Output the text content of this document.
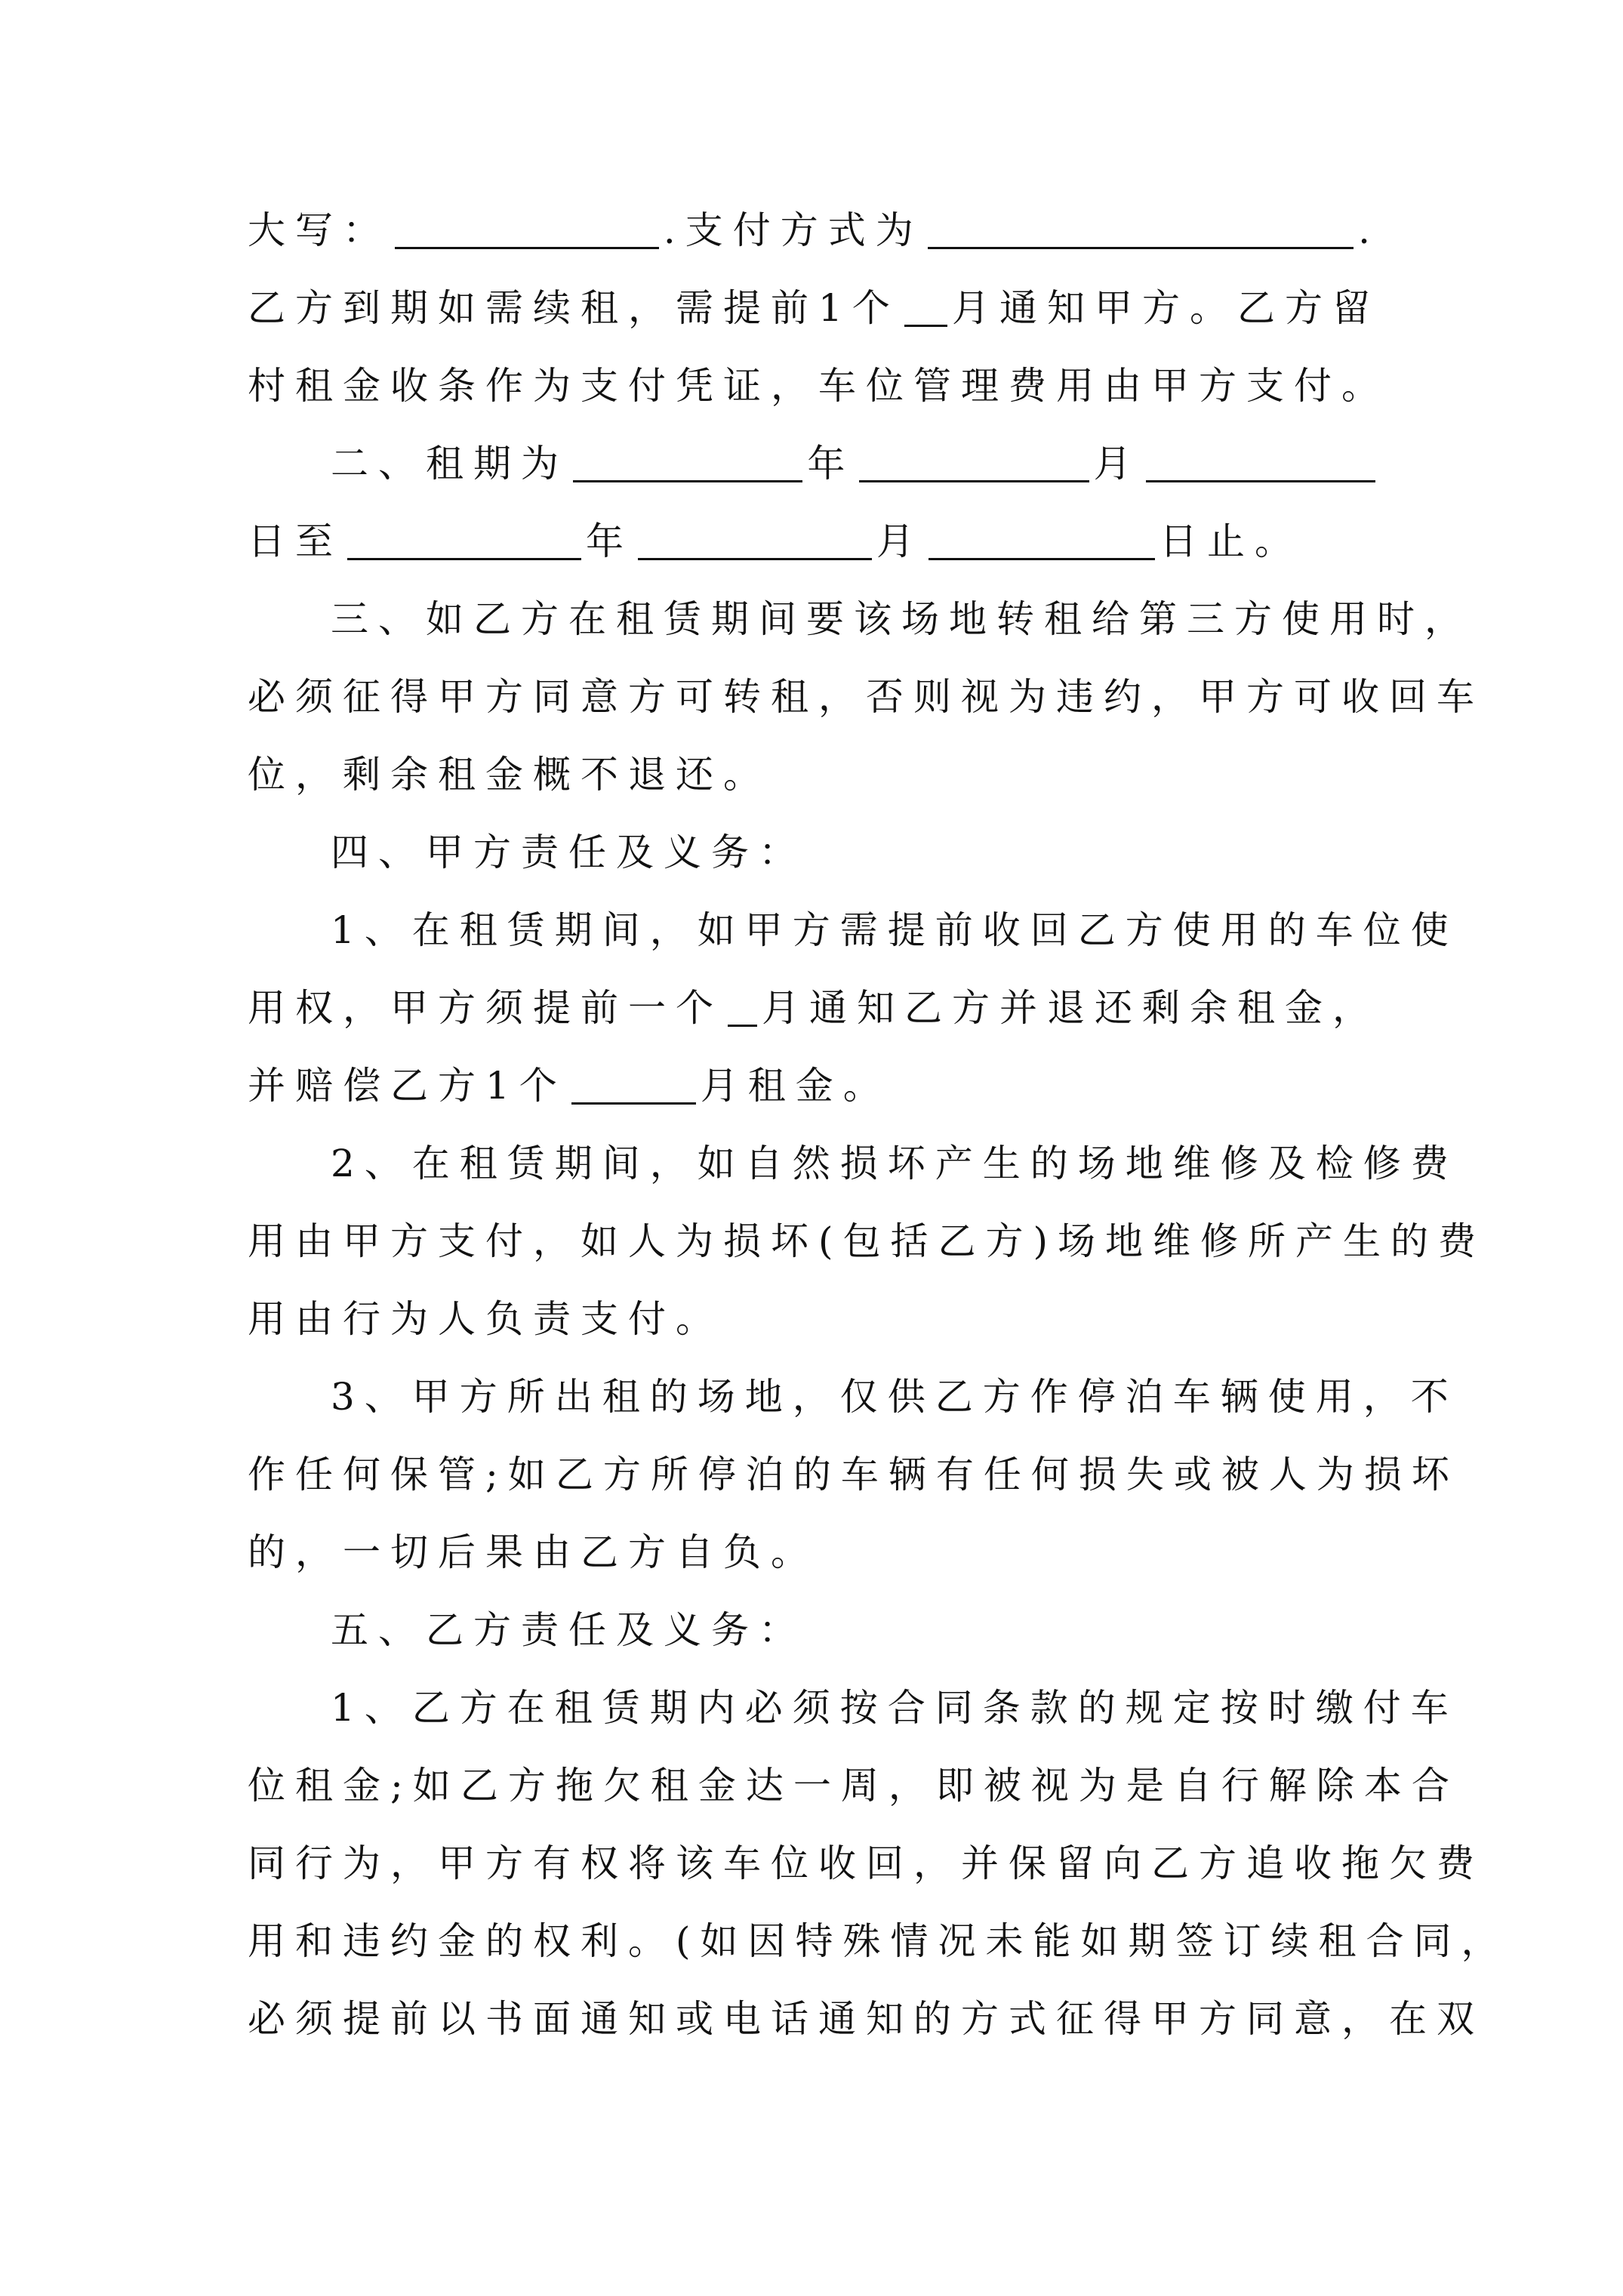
大写：	.支付方式为	.
乙方到期如需续租，需提前1个 月通知甲方。乙方留
村租金收条作为支付凭证，车位管理费用由甲方支付。
二、租期为	年	月
日至	年	月	日止。
三、如乙方在租赁期间要该场地转租给第三方使用时，
必须征得甲方同意方可转租，否则视为违约，甲方可收回车
位，剩余租金概不退还。
四、甲方责任及义务：
1、在租赁期间，如甲方需提前收回乙方使用的车位使
用权，甲方须提前一个 月通知乙方并退还剩余租金，
并赔偿乙方1个	月租金。
2、在租赁期间，如自然损坏产生的场地维修及检修费
用由甲方支付，如人为损坏(包括乙方)场地维修所产生的费
用由行为人负责支付。
3、甲方所出租的场地，仅供乙方作停泊车辆使用，不
作任何保管;如乙方所停泊的车辆有任何损失或被人为损坏
的，一切后果由乙方自负。
五、乙方责任及义务：
1、乙方在租赁期内必须按合同条款的规定按时缴付车
位租金;如乙方拖欠租金达一周，即被视为是自行解除本合
同行为，甲方有权将该车位收回，并保留向乙方追收拖欠费
用和违约金的权利。(如因特殊情况未能如期签订续租合同，
必须提前以书面通知或电话通知的方式征得甲方同意，在双
